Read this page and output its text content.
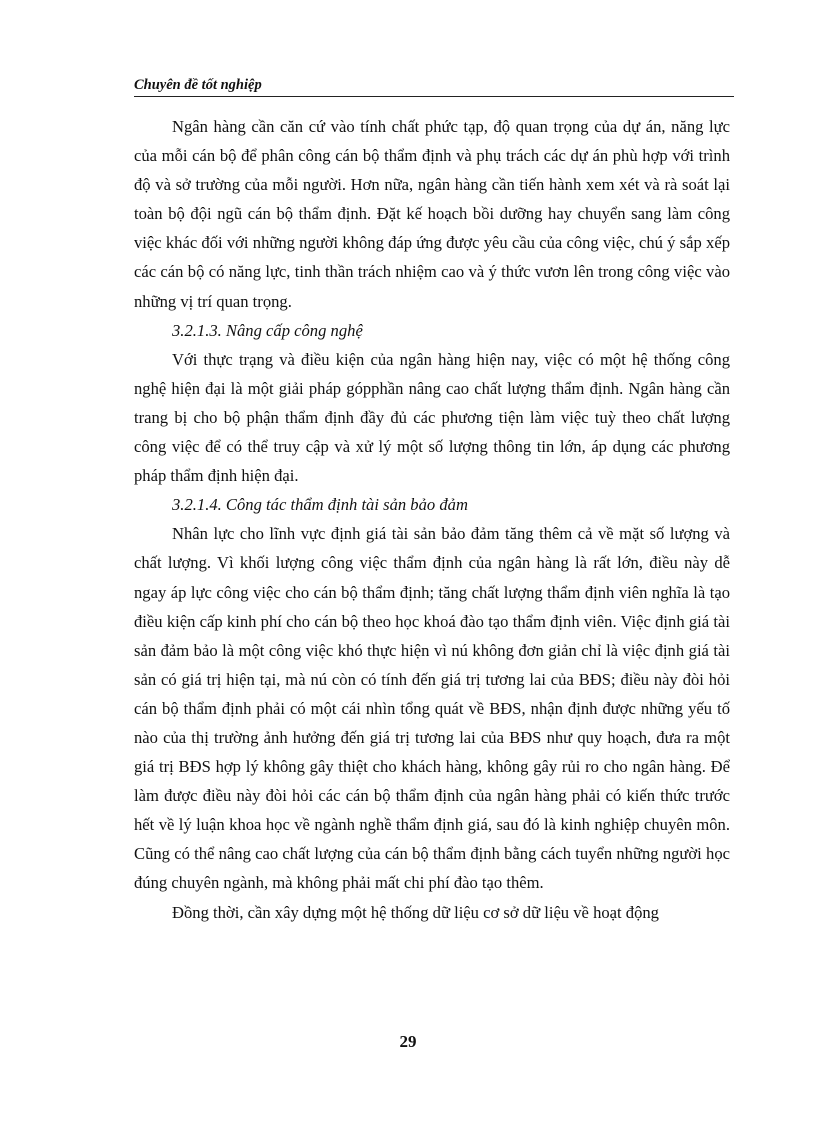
Chuyên đề tốt nghiệp

Ngân hàng cần căn cứ vào tính chất phức tạp, độ quan trọng của dự án, năng lực của mỗi cán bộ để phân công cán bộ thẩm định và phụ trách các dự án phù hợp với trình độ và sở trường của mỗi người. Hơn nữa, ngân hàng cần tiến hành xem xét và rà soát lại toàn bộ đội ngũ cán bộ thẩm định. Đặt kế hoạch bồi dưỡng hay chuyển sang làm công việc khác đối với những người không đáp ứng được yêu cầu của công việc, chú ý sắp xếp các cán bộ có năng lực, tinh thần trách nhiệm cao và ý thức vươn lên trong công việc vào những vị trí quan trọng.

3.2.1.3. Nâng cấp công nghệ

Với thực trạng và điều kiện của ngân hàng hiện nay, việc có một hệ thống công nghệ hiện đại là một giải pháp gópphần nâng cao chất lượng thẩm định. Ngân hàng cần trang bị cho bộ phận thẩm định đầy đủ các phương tiện làm việc tuỳ theo chất lượng công việc để có thể truy cập và xử lý một số lượng thông tin lớn, áp dụng các phương pháp thẩm định hiện đại.

3.2.1.4. Công tác thẩm định tài sản bảo đảm

Nhân lực cho lĩnh vực định giá tài sản bảo đảm tăng thêm cả về mặt số lượng và chất lượng. Vì khối lượng công việc thẩm định của ngân hàng là rất lớn, điều này dễ ngay áp lực công việc cho cán bộ thẩm định; tăng chất lượng thẩm định viên nghĩa là tạo điều kiện cấp kinh phí cho cán bộ theo học khoá đào tạo thẩm định viên. Việc định giá tài sản đảm bảo là một công việc khó thực hiện vì nú không đơn giản chỉ là việc định giá tài sản có giá trị hiện tại, mà nú còn có tính đến giá trị tương lai của BĐS; điều này đòi hỏi cán bộ thẩm định phải có một cái nhìn tổng quát về BĐS, nhận định được những yếu tố nào của thị trường ảnh hưởng đến giá trị tương lai của BĐS như quy hoạch, đưa ra một giá trị BĐS hợp lý không gây thiệt cho khách hàng, không gây rủi ro cho ngân hàng. Để làm được điều này đòi hỏi các cán bộ thẩm định của ngân hàng phải có kiến thức trước hết về lý luận khoa học về ngành nghề thẩm định giá, sau đó là kinh nghiệp chuyên môn. Cũng có thể nâng cao chất lượng của cán bộ thẩm định bằng cách tuyển những người học đúng chuyên ngành, mà không phải mất chi phí đào tạo thêm.

Đồng thời, cần xây dựng một hệ thống dữ liệu cơ sở dữ liệu về hoạt động

29
